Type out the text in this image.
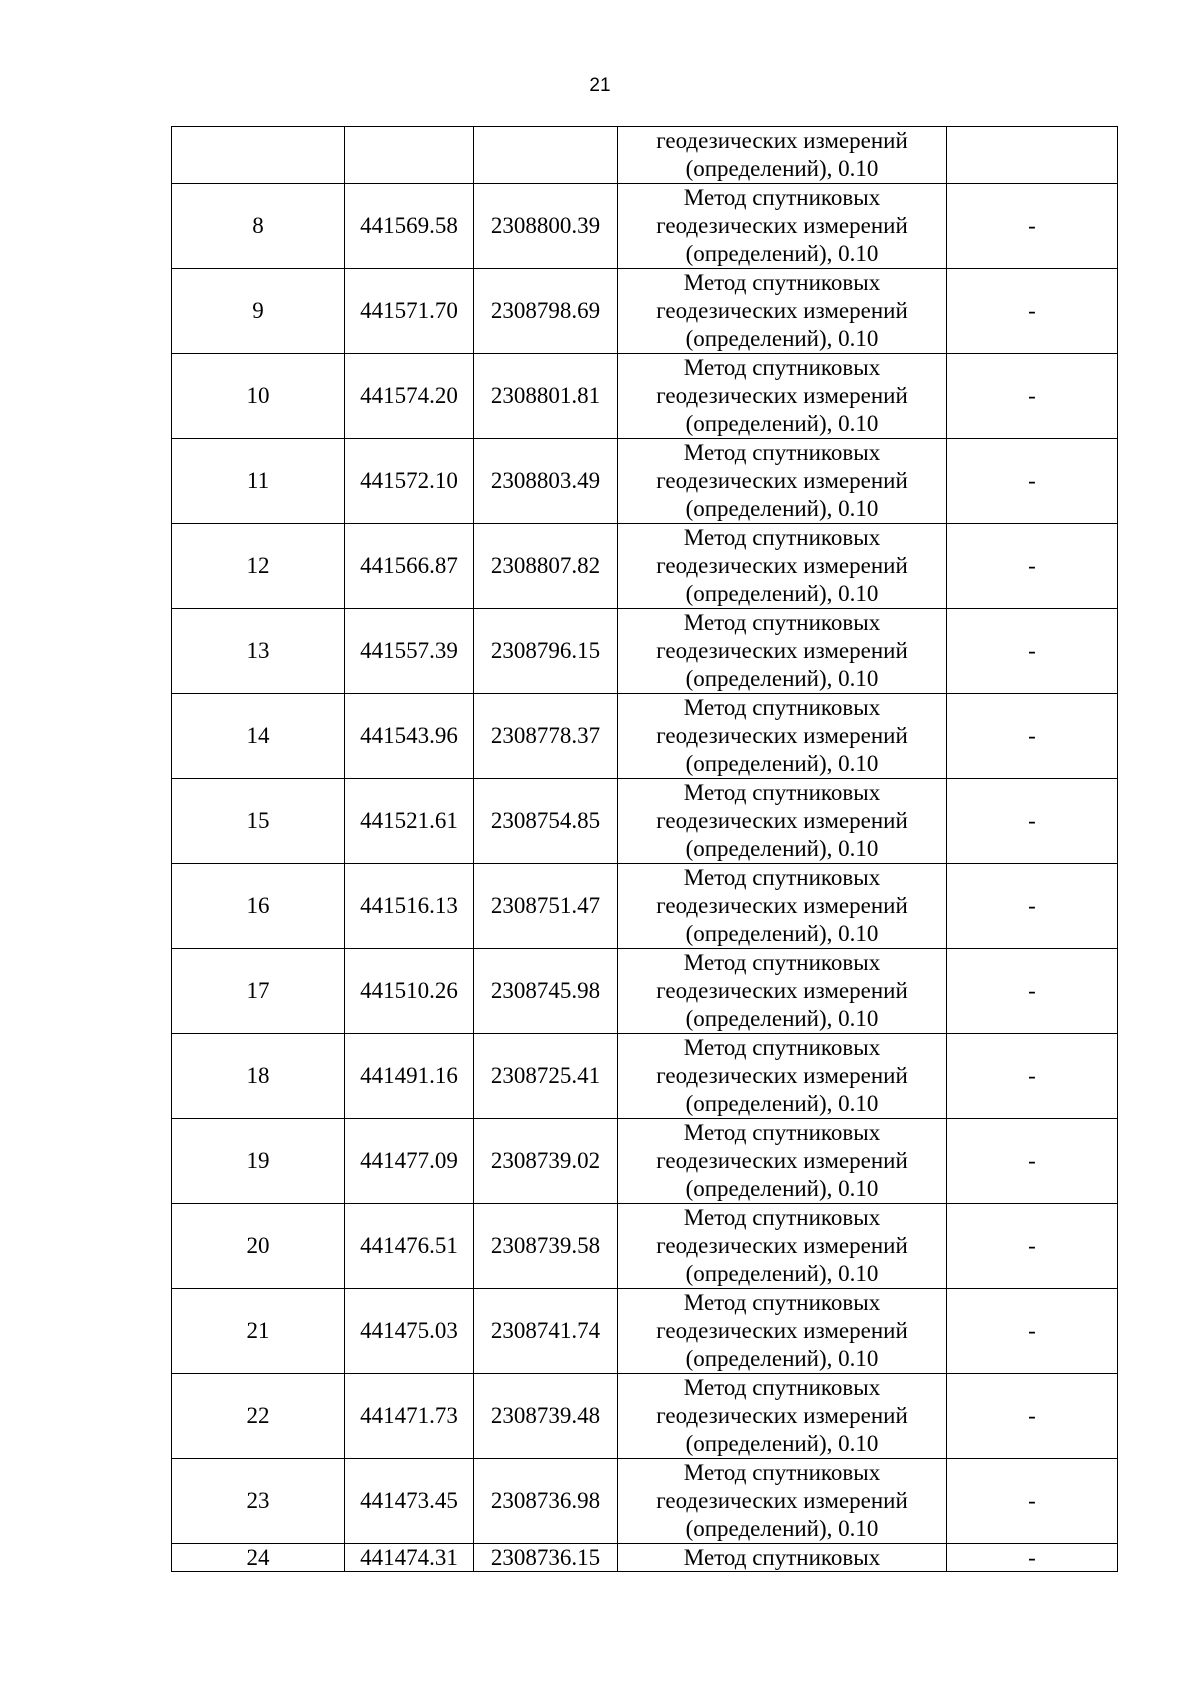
21

			геодезических измерений
(определений), 0.10	

8	441569.58	2308800.39	Метод спутниковых
геодезических измерений
(определений), 0.10	-
9	441571.70	2308798.69	Метод спутниковых
геодезических измерений
(определений), 0.10	-
10	441574.20	2308801.81	Метод спутниковых
геодезических измерений
(определений), 0.10	-
11	441572.10	2308803.49	Метод спутниковых
геодезических измерений
(определений), 0.10	-
12	441566.87	2308807.82	Метод спутниковых
геодезических измерений
(определений), 0.10	-
13	441557.39	2308796.15	Метод спутниковых
геодезических измерений
(определений), 0.10	-
14	441543.96	2308778.37	Метод спутниковых
геодезических измерений
(определений), 0.10	-
15	441521.61	2308754.85	Метод спутниковых
геодезических измерений
(определений), 0.10	-
16	441516.13	2308751.47	Метод спутниковых
геодезических измерений
(определений), 0.10	-
17	441510.26	2308745.98	Метод спутниковых
геодезических измерений
(определений), 0.10	-
18	441491.16	2308725.41	Метод спутниковых
геодезических измерений
(определений), 0.10	-
19	441477.09	2308739.02	Метод спутниковых
геодезических измерений
(определений), 0.10	-
20	441476.51	2308739.58	Метод спутниковых
геодезических измерений
(определений), 0.10	-
21	441475.03	2308741.74	Метод спутниковых
геодезических измерений
(определений), 0.10	-
22	441471.73	2308739.48	Метод спутниковых
геодезических измерений
(определений), 0.10	-
23	441473.45	2308736.98	Метод спутниковых
геодезических измерений
(определений), 0.10	-
24	441474.31	2308736.15	Метод спутниковых	-
